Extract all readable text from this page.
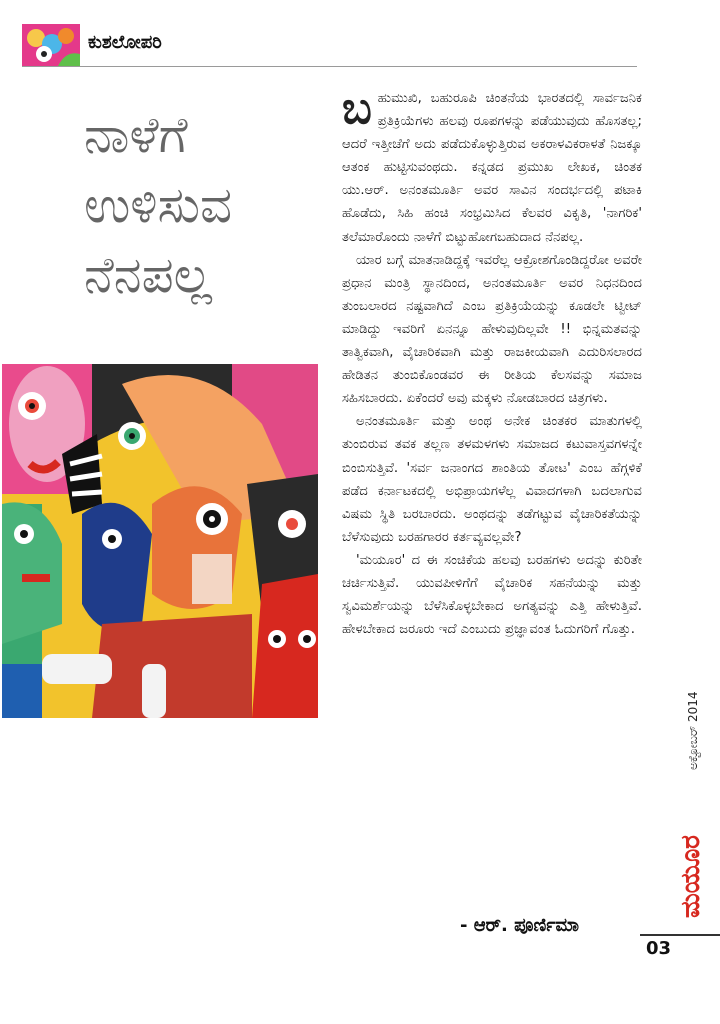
ಕುಶಲೋಪರಿ
ನಾಳೆಗೆ
ಉಳಿಸುವ
ನೆನಪಲ್ಲ

ಬಹುಮುಖಿ, ಬಹುರೂಪಿ ಚಿಂತನೆಯ ಭಾರತದಲ್ಲಿ ಸಾರ್ವಜನಿಕ ಪ್ರತಿಕ್ರಿಯೆಗಳು ಹಲವು ರೂಪಗಳನ್ನು ಪಡೆಯುವುದು ಹೊಸತಲ್ಲ; ಆದರೆ ಇತ್ತೀಚೆಗೆ ಅದು ಪಡೆದುಕೊಳ್ಳುತ್ತಿರುವ ಅಕರಾಳವಿಕರಾಳತೆ ನಿಜಕ್ಕೂ ಆತಂಕ ಹುಟ್ಟಿಸುವಂಥದು. ಕನ್ನಡದ ಪ್ರಮುಖ ಲೇಖಕ, ಚಿಂತಕ ಯು.ಆರ್. ಅನಂತಮೂರ್ತಿ ಅವರ ಸಾವಿನ ಸಂದರ್ಭದಲ್ಲಿ ಪಟಾಕಿ ಹೊಡೆದು, ಸಿಹಿ ಹಂಚಿ ಸಂಭ್ರಮಿಸಿದ ಕೆಲವರ ವಿಕೃತಿ, 'ನಾಗರಿಕ' ತಲೆಮಾರೊಂದು ನಾಳೆಗೆ ಬಿಟ್ಟುಹೋಗಬಹುದಾದ ನೆನಪಲ್ಲ.

ಯಾರ ಬಗ್ಗೆ ಮಾತನಾಡಿದ್ದಕ್ಕೆ ಇವರೆಲ್ಲ ಆಕ್ರೋಶಗೊಂಡಿದ್ದರೋ ಅವರೇ ಪ್ರಧಾನ ಮಂತ್ರಿ ಸ್ಥಾನದಿಂದ, ಅನಂತಮೂರ್ತಿ ಅವರ ನಿಧನದಿಂದ ತುಂಬಲಾರದ ನಷ್ಟವಾಗಿದೆ ಎಂಬ ಪ್ರತಿಕ್ರಿಯೆಯನ್ನು ಕೂಡಲೇ ಟ್ವೀಟ್ ಮಾಡಿದ್ದು ಇವರಿಗೆ ಏನನ್ನೂ ಹೇಳುವುದಿಲ್ಲವೇ !! ಭಿನ್ನಮತವನ್ನು ತಾತ್ವಿಕವಾಗಿ, ವೈಚಾರಿಕವಾಗಿ ಮತ್ತು ರಾಜಕೀಯವಾಗಿ ಎದುರಿಸಲಾರದ ಹೇಡಿತನ ತುಂಬಿಕೊಂಡವರ ಈ ರೀತಿಯ ಕೆಲಸವನ್ನು ಸಮಾಜ ಸಹಿಸಬಾರದು. ಏಕೆಂದರೆ ಅವು ಮಕ್ಕಳು ನೋಡಬಾರದ ಚಿತ್ರಗಳು.

ಅನಂತಮೂರ್ತಿ ಮತ್ತು ಅಂಥ ಅನೇಕ ಚಿಂತಕರ ಮಾತುಗಳಲ್ಲಿ ತುಂಬಿರುವ ತವಕ ತಲ್ಲಣ ತಳಮಳಗಳು ಸಮಾಜದ ಕಟುವಾಸ್ತವಗಳನ್ನೇ ಬಿಂಬಿಸುತ್ತಿವೆ. 'ಸರ್ವ ಜನಾಂಗದ ಶಾಂತಿಯ ತೋಟ' ಎಂಬ ಹೆಗ್ಗಳಿಕೆ ಪಡೆದ ಕರ್ನಾಟಕದಲ್ಲಿ ಅಭಿಪ್ರಾಯಗಳೆಲ್ಲ ವಿವಾದಗಳಾಗಿ ಬದಲಾಗುವ ವಿಷಮ ಸ್ಥಿತಿ ಬರಬಾರದು. ಅಂಥದನ್ನು ತಡೆಗಟ್ಟುವ ವೈಚಾರಿಕತೆಯನ್ನು ಬೆಳೆಸುವುದು ಬರಹಗಾರರ ಕರ್ತವ್ಯವಲ್ಲವೇ?

'ಮಯೂರ' ದ ಈ ಸಂಚಿಕೆಯ ಹಲವು ಬರಹಗಳು ಅದನ್ನು ಕುರಿತೇ ಚರ್ಚಿಸುತ್ತಿವೆ. ಯುವಪೀಳಿಗೆಗೆ ವೈಚಾರಿಕ ಸಹನೆಯನ್ನು ಮತ್ತು ಸ್ವವಿಮರ್ಶೆಯನ್ನು ಬೆಳೆಸಿಕೊಳ್ಳಬೇಕಾದ ಅಗತ್ಯವನ್ನು ಎತ್ತಿ ಹೇಳುತ್ತಿವೆ. ಹೇಳಬೇಕಾದ ಜರೂರು ಇದೆ ಎಂಬುದು ಪ್ರಜ್ಞಾವಂತ ಓದುಗರಿಗೆ ಗೊತ್ತು.

- ಆರ್. ಪೂರ್ಣಿಮಾ
ಅಕ್ಟೋಬರ್ 2014
ಮಯೂರ
03
